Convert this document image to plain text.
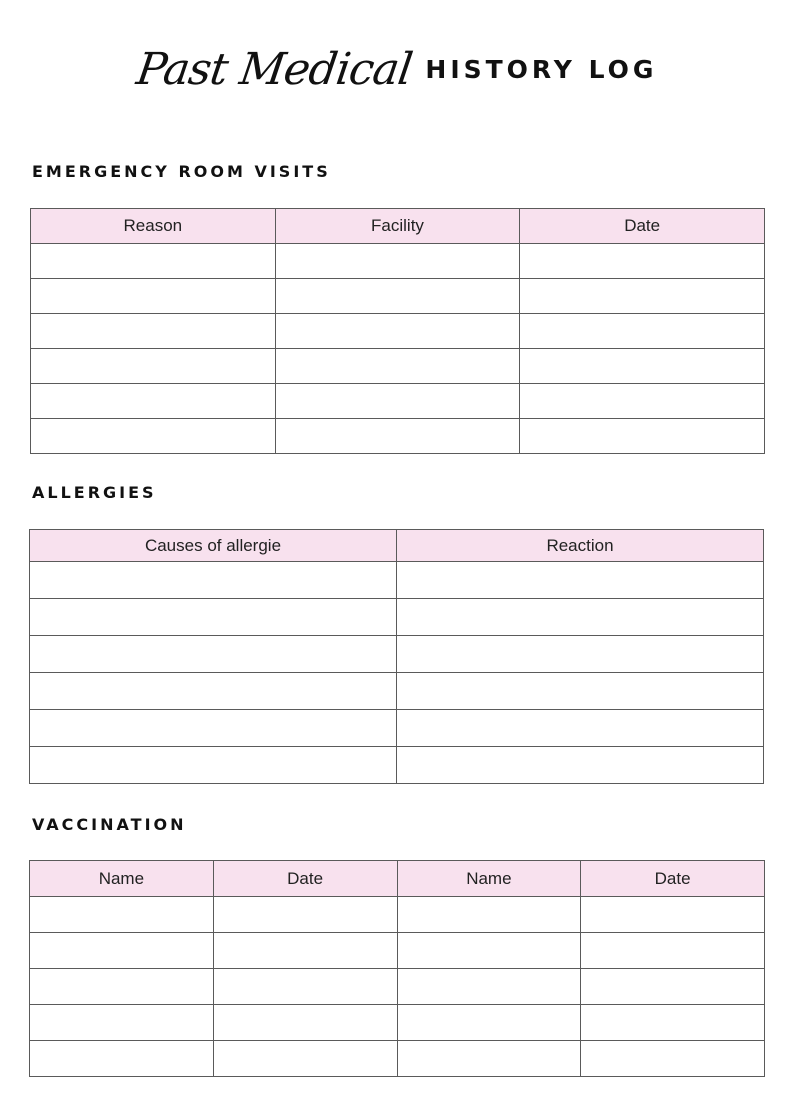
Past Medical HISTORY LOG
EMERGENCY ROOM VISITS
Reason	Facility	Date

ALLERGIES
Causes of allergie	Reaction

VACCINATION
Name	Date	Name	Date
